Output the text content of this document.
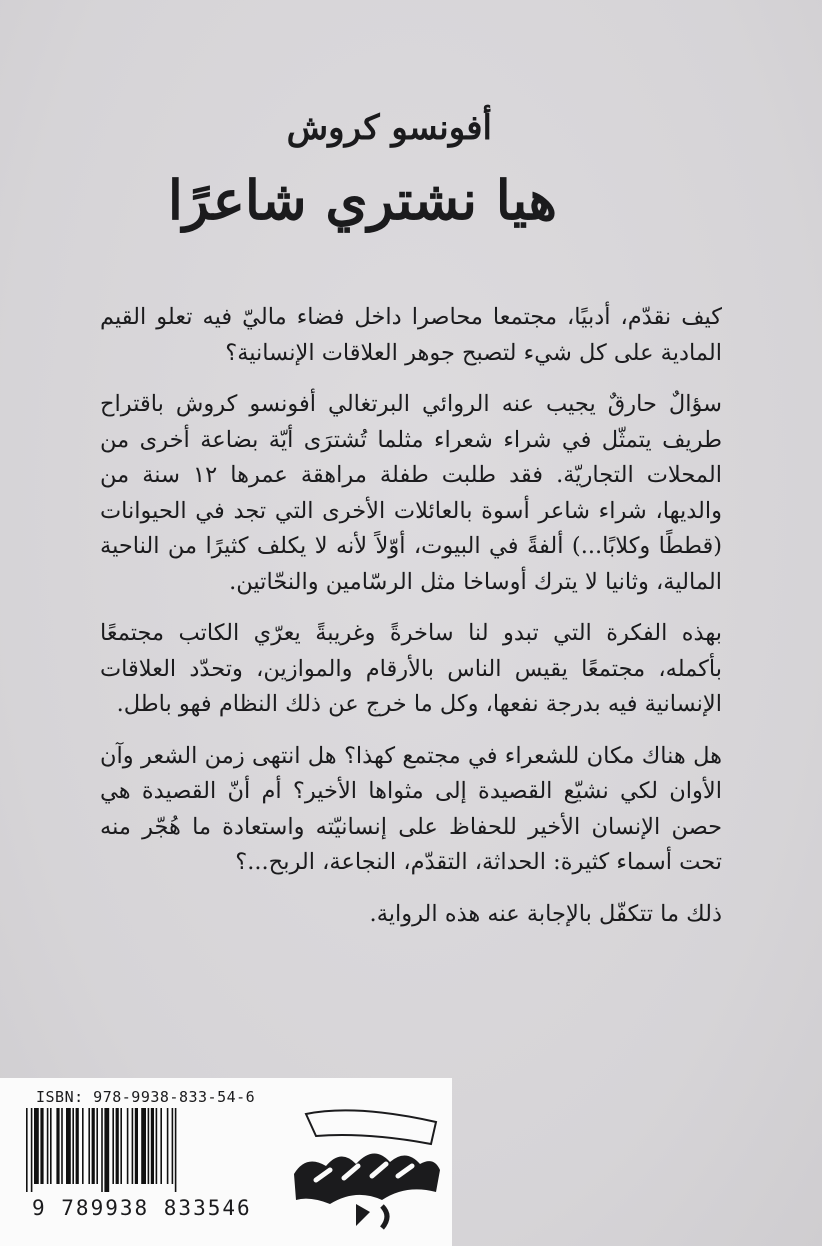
أفونسو كروش
هيا نشتري شاعرًا

كيف نقدّم، أدبيًا، مجتمعا محاصرا داخل فضاء ماليّ فيه تعلو القيم المادية على كل شيء لتصبح جوهر العلاقات الإنسانية؟

سؤالٌ حارقٌ يجيب عنه الروائي البرتغالي أفونسو كروش باقتراح طريف يتمثّل في شراء شعراء مثلما تُشترَى أيّة بضاعة أخرى من المحلات التجاريّة. فقد طلبت طفلة مراهقة عمرها ١٢ سنة من والديها، شراء شاعر أسوة بالعائلات الأخرى التي تجد في الحيوانات (قططًا وكلابًا...) ألفةً في البيوت، أوّلاً لأنه لا يكلف كثيرًا من الناحية المالية، وثانيا لا يترك أوساخا مثل الرسّامين والنحّاتين.

بهذه الفكرة التي تبدو لنا ساخرةً وغريبةً يعرّي الكاتب مجتمعًا بأكمله، مجتمعًا يقيس الناس بالأرقام والموازين، وتحدّد العلاقات الإنسانية فيه بدرجة نفعها، وكل ما خرج عن ذلك النظام فهو باطل.

هل هناك مكان للشعراء في مجتمع كهذا؟ هل انتهى زمن الشعر وآن الأوان لكي نشيّع القصيدة إلى مثواها الأخير؟ أم أنّ القصيدة هي حصن الإنسان الأخير للحفاظ على إنسانيّته واستعادة ما هُجّر منه تحت أسماء كثيرة: الحداثة، التقدّم، النجاعة، الربح...؟

ذلك ما تتكفّل بالإجابة عنه هذه الرواية.

ISBN: 978-9938-833-54-6
9 789938 833546
